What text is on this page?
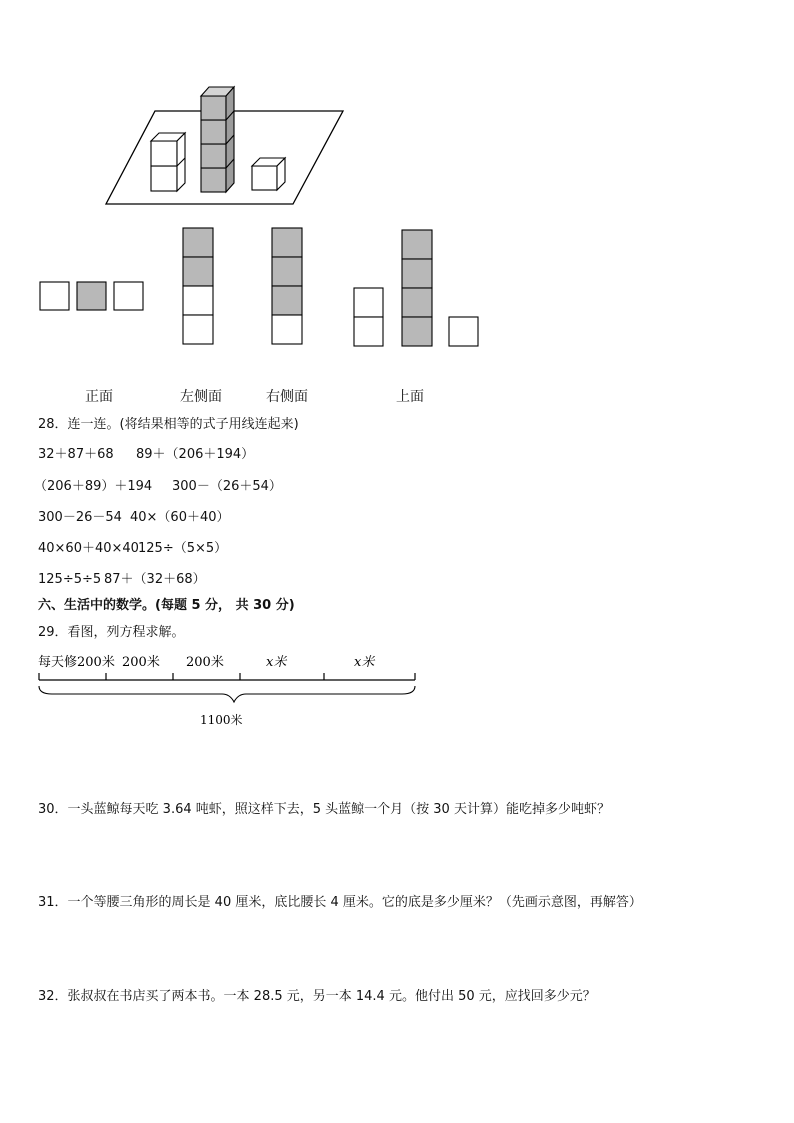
正面	左侧面	右侧面	上面
28．连一连。(将结果相等的式子用线连起来)
32＋87＋68 89＋（206＋194）
（206＋89）＋194 300－（26＋54）
300－26－54 40×（60＋40）
40×60＋40×40 125÷（5×5）
125÷5÷5 87＋（32＋68）
六、生活中的数学。(每题 5 分， 共 30 分)
29．看图，列方程求解。
每天修200米 200米 200米	x米	x米
1100米
30．一头蓝鲸每天吃 3.64 吨虾，照这样下去，5 头蓝鲸一个月（按 30 天计算）能吃掉多少吨虾？
31．一个等腰三角形的周长是 40 厘米，底比腰长 4 厘米。它的底是多少厘米？（先画示意图，再解答）
32．张叔叔在书店买了两本书。一本 28.5 元，另一本 14.4 元。他付出 50 元，应找回多少元？
